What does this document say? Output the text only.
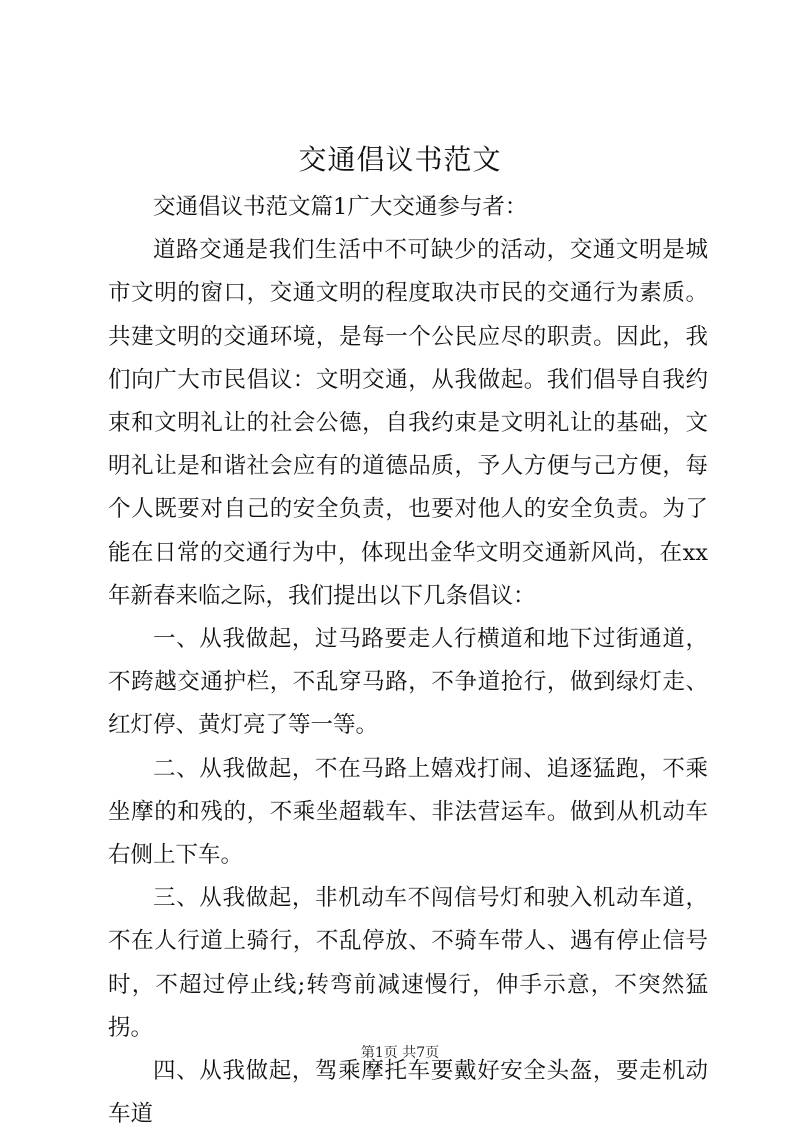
交通倡议书范文

交通倡议书范文篇1广大交通参与者：

道路交通是我们生活中不可缺少的活动，交通文明是城市文明的窗口，交通文明的程度取决市民的交通行为素质。共建文明的交通环境，是每一个公民应尽的职责。因此，我们向广大市民倡议：文明交通，从我做起。我们倡导自我约束和文明礼让的社会公德，自我约束是文明礼让的基础，文明礼让是和谐社会应有的道德品质，予人方便与己方便，每个人既要对自己的安全负责，也要对他人的安全负责。为了能在日常的交通行为中，体现出金华文明交通新风尚，在xx年新春来临之际，我们提出以下几条倡议：

一、从我做起，过马路要走人行横道和地下过街通道，不跨越交通护栏，不乱穿马路，不争道抢行，做到绿灯走、红灯停、黄灯亮了等一等。

二、从我做起，不在马路上嬉戏打闹、追逐猛跑，不乘坐摩的和残的，不乘坐超载车、非法营运车。做到从机动车右侧上下车。

三、从我做起，非机动车不闯信号灯和驶入机动车道，不在人行道上骑行，不乱停放、不骑车带人、遇有停止信号时，不超过停止线;转弯前减速慢行，伸手示意，不突然猛拐。

四、从我做起，驾乘摩托车要戴好安全头盔，要走机动车道

第1页 共7页
